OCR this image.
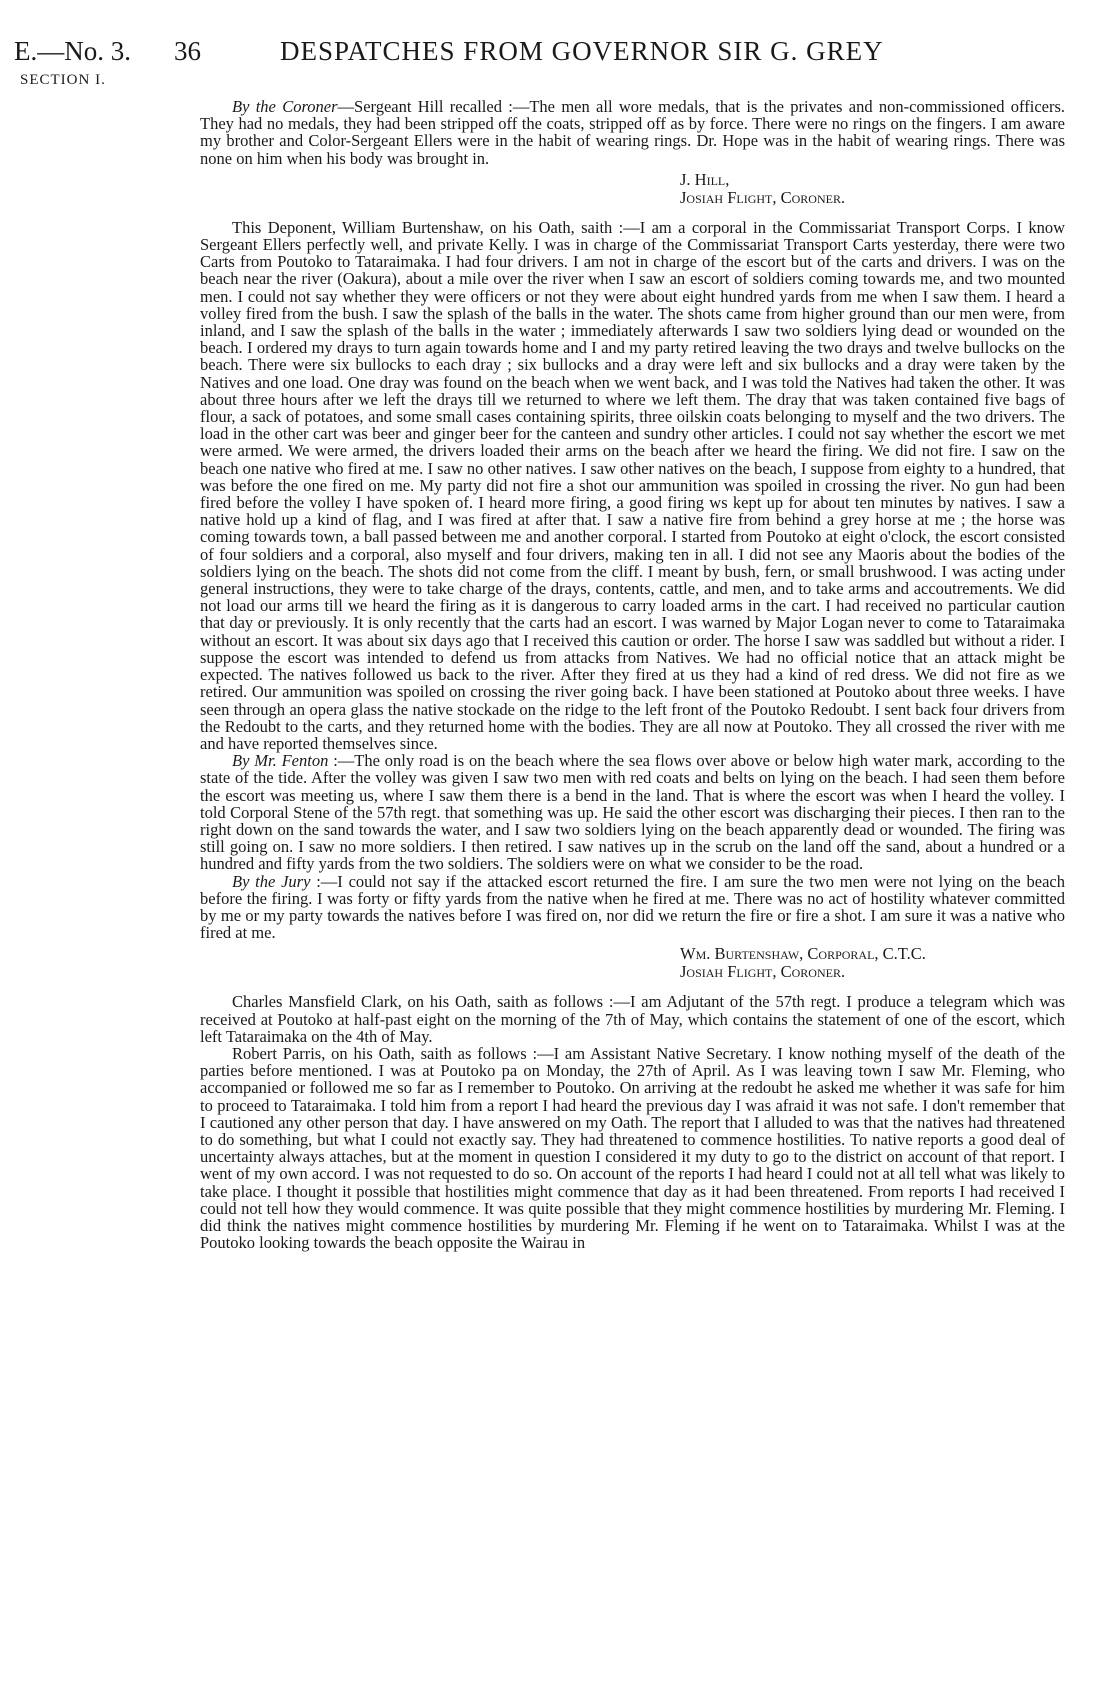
E.—No. 3.
SECTION I.
36	DESPATCHES FROM GOVERNOR SIR G. GREY

By the Coroner—Sergeant Hill recalled :—The men all wore medals, that is the privates and non-commissioned officers. They had no medals, they had been stripped off the coats, stripped off as by force. There were no rings on the fingers. I am aware my brother and Color-Sergeant Ellers were in the habit of wearing rings. Dr. Hope was in the habit of wearing rings. There was none on him when his body was brought in.

J. Hill,
Josiah Flight, Coroner.

This Deponent, William Burtenshaw, on his Oath, saith :—I am a corporal in the Commissariat Transport Corps. I know Sergeant Ellers perfectly well, and private Kelly. I was in charge of the Commissariat Transport Carts yesterday, there were two Carts from Poutoko to Tataraimaka. I had four drivers. I am not in charge of the escort but of the carts and drivers. I was on the beach near the river (Oakura), about a mile over the river when I saw an escort of soldiers coming towards me, and two mounted men. I could not say whether they were officers or not they were about eight hundred yards from me when I saw them. I heard a volley fired from the bush. I saw the splash of the balls in the water. The shots came from higher ground than our men were, from inland, and I saw the splash of the balls in the water ; immediately afterwards I saw two soldiers lying dead or wounded on the beach. I ordered my drays to turn again towards home and I and my party retired leaving the two drays and twelve bullocks on the beach. There were six bullocks to each dray ; six bullocks and a dray were left and six bullocks and a dray were taken by the Natives and one load. One dray was found on the beach when we went back, and I was told the Natives had taken the other. It was about three hours after we left the drays till we returned to where we left them. The dray that was taken contained five bags of flour, a sack of potatoes, and some small cases containing spirits, three oilskin coats belonging to myself and the two drivers. The load in the other cart was beer and ginger beer for the canteen and sundry other articles. I could not say whether the escort we met were armed. We were armed, the drivers loaded their arms on the beach after we heard the firing. We did not fire. I saw on the beach one native who fired at me. I saw no other natives. I saw other natives on the beach, I suppose from eighty to a hundred, that was before the one fired on me. My party did not fire a shot our ammunition was spoiled in crossing the river. No gun had been fired before the volley I have spoken of. I heard more firing, a good firing ws kept up for about ten minutes by natives. I saw a native hold up a kind of flag, and I was fired at after that. I saw a native fire from behind a grey horse at me ; the horse was coming towards town, a ball passed between me and another corporal. I started from Poutoko at eight o'clock, the escort consisted of four soldiers and a corporal, also myself and four drivers, making ten in all. I did not see any Maoris about the bodies of the soldiers lying on the beach. The shots did not come from the cliff. I meant by bush, fern, or small brushwood. I was acting under general instructions, they were to take charge of the drays, contents, cattle, and men, and to take arms and accoutrements. We did not load our arms till we heard the firing as it is dangerous to carry loaded arms in the cart. I had received no particular caution that day or previously. It is only recently that the carts had an escort. I was warned by Major Logan never to come to Tataraimaka without an escort. It was about six days ago that I received this caution or order. The horse I saw was saddled but without a rider. I suppose the escort was intended to defend us from attacks from Natives. We had no official notice that an attack might be expected. The natives followed us back to the river. After they fired at us they had a kind of red dress. We did not fire as we retired. Our ammunition was spoiled on crossing the river going back. I have been stationed at Poutoko about three weeks. I have seen through an opera glass the native stockade on the ridge to the left front of the Poutoko Redoubt. I sent back four drivers from the Redoubt to the carts, and they returned home with the bodies. They are all now at Poutoko. They all crossed the river with me and have reported themselves since.

By Mr. Fenton :—The only road is on the beach where the sea flows over above or below high water mark, according to the state of the tide. After the volley was given I saw two men with red coats and belts on lying on the beach. I had seen them before the escort was meeting us, where I saw them there is a bend in the land. That is where the escort was when I heard the volley. I told Corporal Stene of the 57th regt. that something was up. He said the other escort was discharging their pieces. I then ran to the right down on the sand towards the water, and I saw two soldiers lying on the beach apparently dead or wounded. The firing was still going on. I saw no more soldiers. I then retired. I saw natives up in the scrub on the land off the sand, about a hundred or a hundred and fifty yards from the two soldiers. The soldiers were on what we consider to be the road.

By the Jury :—I could not say if the attacked escort returned the fire. I am sure the two men were not lying on the beach before the firing. I was forty or fifty yards from the native when he fired at me. There was no act of hostility whatever committed by me or my party towards the natives before I was fired on, nor did we return the fire or fire a shot. I am sure it was a native who fired at me.

Wm. Burtenshaw, Corporal, C.T.C.
Josiah Flight, Coroner.

Charles Mansfield Clark, on his Oath, saith as follows :—I am Adjutant of the 57th regt. I produce a telegram which was received at Poutoko at half-past eight on the morning of the 7th of May, which contains the statement of one of the escort, which left Tataraimaka on the 4th of May.

Robert Parris, on his Oath, saith as follows :—I am Assistant Native Secretary. I know nothing myself of the death of the parties before mentioned. I was at Poutoko pa on Monday, the 27th of April. As I was leaving town I saw Mr. Fleming, who accompanied or followed me so far as I remember to Poutoko. On arriving at the redoubt he asked me whether it was safe for him to proceed to Tataraimaka. I told him from a report I had heard the previous day I was afraid it was not safe. I don't remember that I cautioned any other person that day. I have answered on my Oath. The report that I alluded to was that the natives had threatened to do something, but what I could not exactly say. They had threatened to commence hostilities. To native reports a good deal of uncertainty always attaches, but at the moment in question I considered it my duty to go to the district on account of that report. I went of my own accord. I was not requested to do so. On account of the reports I had heard I could not at all tell what was likely to take place. I thought it possible that hostilities might commence that day as it had been threatened. From reports I had received I could not tell how they would commence. It was quite possible that they might commence hostilities by murdering Mr. Fleming. I did think the natives might commence hostilities by murdering Mr. Fleming if he went on to Tataraimaka. Whilst I was at the Poutoko looking towards the beach opposite the Wairau in
